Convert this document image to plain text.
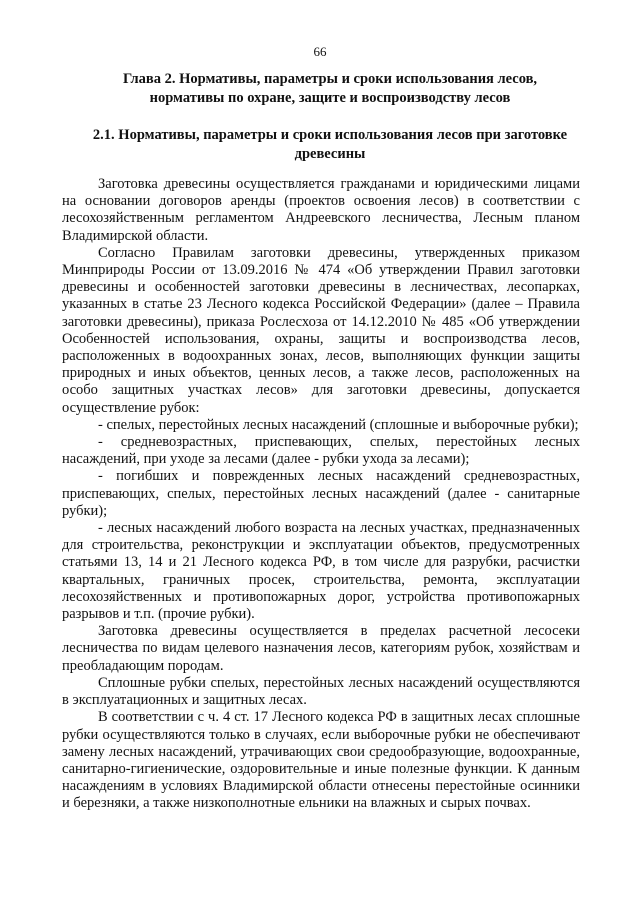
66
Глава 2. Нормативы, параметры и сроки использования лесов,
нормативы по охране, защите и воспроизводству лесов
2.1. Нормативы, параметры и сроки использования лесов при заготовке
древесины

Заготовка древесины осуществляется гражданами и юридическими лицами на основании договоров аренды (проектов освоения лесов) в соответствии с лесохозяйственным регламентом Андреевского лесничества, Лесным планом Владимирской области.

Согласно Правилам заготовки древесины, утвержденных приказом Минприроды России от 13.09.2016 № 474 «Об утверждении Правил заготовки древесины и особенностей заготовки древесины в лесничествах, лесопарках, указанных в статье 23 Лесного кодекса Российской Федерации» (далее – Правила заготовки древесины), приказа Рослесхоза от 14.12.2010 № 485 «Об утверждении Особенностей использования, охраны, защиты и воспроизводства лесов, расположенных в водоохранных зонах, лесов, выполняющих функции защиты природных и иных объектов, ценных лесов, а также лесов, расположенных на особо защитных участках лесов» для заготовки древесины, допускается осуществление рубок:

- спелых, перестойных лесных насаждений (сплошные и выборочные рубки);

- средневозрастных, приспевающих, спелых, перестойных лесных насаждений, при уходе за лесами (далее - рубки ухода за лесами);

- погибших и поврежденных лесных насаждений средневозрастных, приспевающих, спелых, перестойных лесных насаждений (далее - санитарные рубки);

- лесных насаждений любого возраста на лесных участках, предназначенных для строительства, реконструкции и эксплуатации объектов, предусмотренных статьями 13, 14 и 21 Лесного кодекса РФ, в том числе для разрубки, расчистки квартальных, граничных просек, строительства, ремонта, эксплуатации лесохозяйственных и противопожарных дорог, устройства противопожарных разрывов и т.п. (прочие рубки).

Заготовка древесины осуществляется в пределах расчетной лесосеки лесничества по видам целевого назначения лесов, категориям рубок, хозяйствам и преобладающим породам.

Сплошные рубки спелых, перестойных лесных насаждений осуществляются в эксплуатационных и защитных лесах.

В соответствии с ч. 4 ст. 17 Лесного кодекса РФ в защитных лесах сплошные рубки осуществляются только в случаях, если выборочные рубки не обеспечивают замену лесных насаждений, утрачивающих свои средообразующие, водоохранные, санитарно-гигиенические, оздоровительные и иные полезные функции. К данным насаждениям в условиях Владимирской области отнесены перестойные осинники и березняки, а также низкополнотные ельники на влажных и сырых почвах.
